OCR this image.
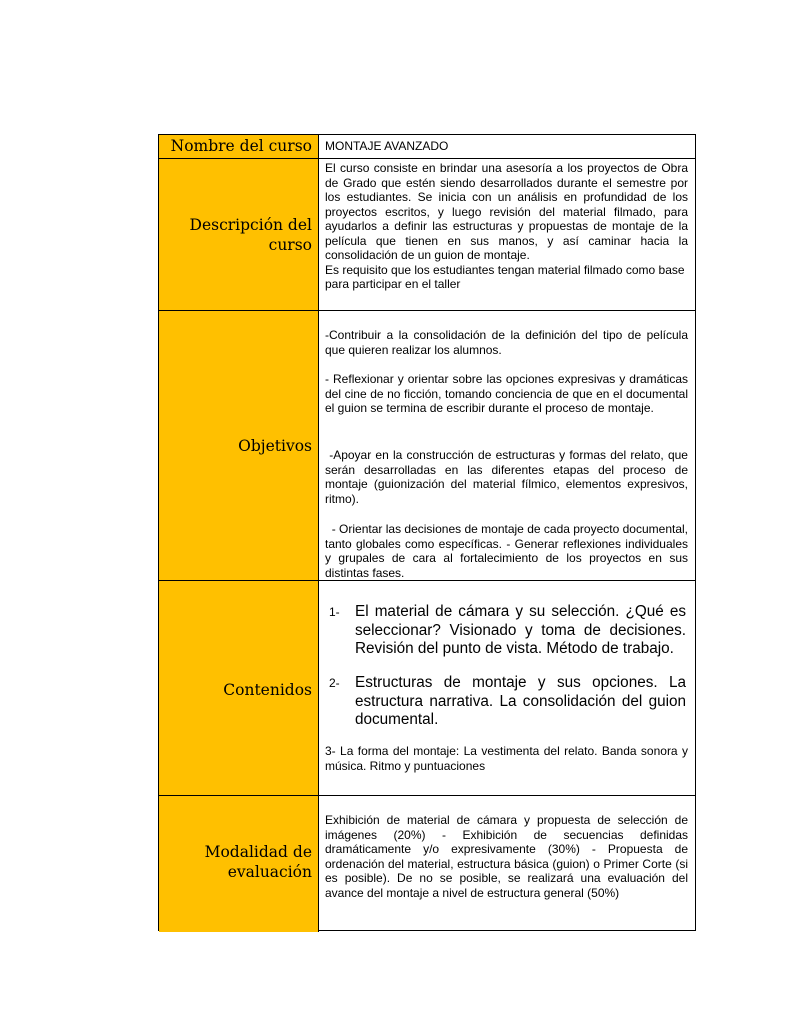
Nombre del curso MONTAJE AVANZADO
Descripción del
curso

El curso consiste en brindar una asesoría a los proyectos de Obra de Grado que estén siendo desarrollados durante el semestre por los estudiantes. Se inicia con un análisis en profundidad de los proyectos escritos, y luego revisión del material filmado, para ayudarlos a definir las estructuras y propuestas de montaje de la película que tienen en sus manos, y así caminar hacia la consolidación de un guion de montaje.

Es requisito que los estudiantes tengan material filmado como base para participar en el taller

Objetivos

-Contribuir a la consolidación de la definición del tipo de película que quieren realizar los alumnos.

- Reflexionar y orientar sobre las opciones expresivas y dramáticas del cine de no ficción, tomando conciencia de que en el documental el guion se termina de escribir durante el proceso de montaje.

-Apoyar en la construcción de estructuras y formas del relato, que serán desarrolladas en las diferentes etapas del proceso de montaje (guionización del material fílmico, elementos expresivos, ritmo).

- Orientar las decisiones de montaje de cada proyecto documental, tanto globales como específicas. - Generar reflexiones individuales y grupales de cara al fortalecimiento de los proyectos en sus distintas fases.

Contenidos
1- El material de cámara y su selección. ¿Qué es seleccionar? Visionado y toma de decisiones. Revisión del punto de vista. Método de trabajo.
2- Estructuras de montaje y sus opciones. La estructura narrativa. La consolidación del guion documental.

3- La forma del montaje: La vestimenta del relato. Banda sonora y música. Ritmo y puntuaciones

Modalidad de
evaluación

Exhibición de material de cámara y propuesta de selección de imágenes (20%) - Exhibición de secuencias definidas dramáticamente y/o expresivamente (30%) - Propuesta de ordenación del material, estructura básica (guion) o Primer Corte (si es posible). De no se posible, se realizará una evaluación del avance del montaje a nivel de estructura general (50%)
